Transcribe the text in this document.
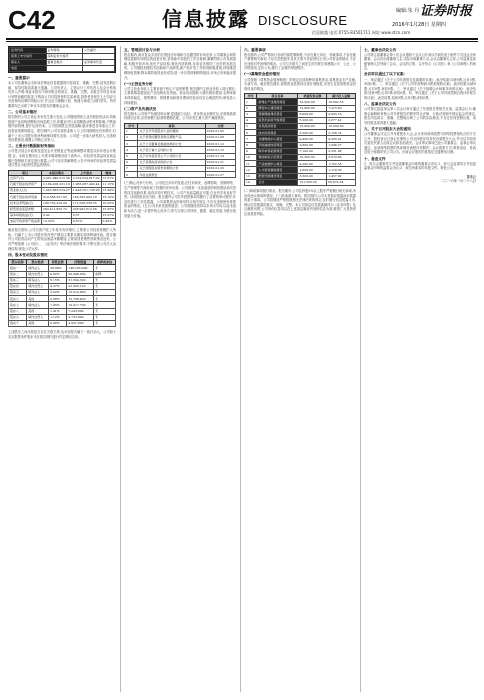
C42	信息披露 DISCLOSURE
编辑:朱 丹 证券时报
2016年1月28日 星期四
信息披露 电话:0755-83501711 网址:www.stcn.com
证券代码	证券简称	公告编号
股票上市交易所	深圳证券交易所	
联系人	董事会秘书	证券事务代表
电话		
一、重要提示

本公司及董事会全体成员保证信息披露的内容真实、准确、完整,没有虚假记载、误导性陈述或重大遗漏。公司负责人、主管会计工作负责人及会计机构负责人声明:保证本报告中财务报告的真实、准确、完整。本报告中涉及未来计划等前瞻性陈述,不构成公司对投资者的实质承诺,投资者及相关人士均应当对此保持足够的风险认识,并且应当理解计划、预测与承诺之间的差异。所有董事均已出席了审议本次报告的董事会会议。

二、公司基本情况

报告期内公司主营业务未发生重大变化,公司继续围绕主业开展经营活动,持续推进产品结构调整和市场拓展工作,积极应对行业周期波动带来的影响,不断加强内部管理,提升运营效率。公司按照既定发展战略,稳步推进各项重点工作,经营业绩保持稳定。报告期内,公司实现营业收入与上年同期相比有所增长,归属于上市公司股东的净利润保持增长态势。公司进一步加大研发投入,完善研发体系建设,增强公司核心竞争力。

三、主要会计数据和财务指标

公司是否因会计政策变更及会计差错更正等追溯调整或重述以前年度会计数据:否。本报告期末比上年度末增减情况如下表所示。非经常性损益项目和金额已按照相关规定进行披露,公司不存在将解释性公告中列举的非经常性损益项目界定为经常性损益的情形。

项目	本报告期末	上年度末	增减
总资产(元)	3,521,640,215.36	3,102,554,817.02	13.51%
归属于股东的净资产	2,184,206,331.18	1,965,087,402.44	11.15%
营业收入(元)	1,642,883,519.27	1,448,201,736.90	13.44%
归属于股东的净利润	214,558,207.63	186,305,992.18	15.16%
扣非后净利润(元)	198,732,416.09	171,026,538.55	16.20%
经营现金流量净额	263,411,850.72	228,947,613.08	15.05%
基本每股收益(元)	0.42	0.37	13.51%
加权平均净资产收益率	10.32%	9.87%	0.45%

截至报告期末,公司总资产较上年度末有所增长,主要系公司经营规模扩大所致。归属于上市公司股东的净资产增加主要系本期实现净利润所致。报告期内公司经营活动产生的现金流量净额增加,主要原因是销售回款情况良好。公司严格按照《公司法》、《证券法》等法律法规的要求,不断完善公司法人治理结构,规范公司运作。

四、股本变动及股东情况
股东名称	股东性质	持股比例	持股数量	质押或冻结
股东一	境内法人	28.46%	146,205,000	无
股东二	境内自然人	9.82%	50,448,000	质押
股东三	国有法人	6.15%	31,594,300	无
股东四	境内自然人	4.37%	22,450,120	无
股东五	境外法人	3.02%	15,514,800	无
股东六	其他	2.68%	13,768,400	无
股东七	境内法人	1.95%	10,017,700	无
股东八	其他	1.41%	7,243,600	无
股东九	境内自然人	1.12%	5,753,800	无
股东十	其他	0.96%	4,931,800	无

上述股东之间未知是否存在关联关系,也未知是否属于一致行动人。公司前十名无限售条件股东未在报告期内进行约定购回交易。

五、管理层讨论与分析

报告期内,面对复杂多变的宏观经济环境和日趋激烈的市场竞争,公司董事会和管理层按照年初制定的经营计划,坚持稳中求进的工作总基调,紧紧围绕公司发展战略,积极开拓市场,优化产品结构,强化内部管理,各项业务保持了良好的发展态势。公司继续加强技术创新和产品研发,新产品开发工作取得积极进展;持续推进精细化管理,降本增效取得良好成效;进一步完善营销网络建设,市场占有率稳步提升。

(一)主营业务分析

公司主营业务收入主要来源于核心产品的销售,报告期内主营业务收入同比增长,主要系销量增加及产品结构优化所致。营业成本随收入增长相应增加,毛利率基本保持稳定。销售费用、管理费用和财务费用的变动均在合理范围内,研发投入持续增加。

(二)资产及负债状况

报告期末,公司资产负债结构合理,偿债能力良好。货币资金余额充足,应收账款周转情况正常,存货规模与经营规模相匹配。公司未发生重大资产减值情况。

序号	事项	日期
1	关于召开年度股东大会的通知	2016-01-05
2	关于使用闲置资金购买理财产品	2016-01-08
3	关于公司董事会换届选举的公告	2016-01-12
4	关于签订重大合同的公告	2016-01-15
5	关于对外投资设立子公司的公告	2016-01-19
6	关于获得政府补助的公告	2016-01-21
7	关于控股股东股份质押的公告	2016-01-25
8	年度业绩预告	2016-01-27

(三)核心竞争力分析。公司经过多年的发展,在技术研发、品牌影响、营销网络、生产管理等方面形成了较强的竞争优势。公司拥有一支高素质的研发团队和完善的技术创新体系,取得多项专利技术。公司产品质量稳定可靠,在业内享有良好声誉。(四)投资状况分析。报告期内公司对外投资事项均履行了必要的审议程序,并及时进行了信息披露。公司募集资金的使用符合相关规定,不存在违规使用募集资金的情况。(五)公司未来发展的展望。公司将继续坚持以市场为导向,以技术创新为动力,进一步提升核心竞争力,努力实现公司持续、健康、稳定发展,为股东创造更大价值。

六、重要事项

报告期内,公司严格执行各项内部控制制度,不存在重大诉讼、仲裁事项,不存在破产重整相关事项,不存在控股股东及其关联方非经营性占用公司资金的情况,不存在违规对外担保的情况。公司与关联方之间发生的关联交易遵循公平、公正、公开的原则,定价公允,履行了必要的审批程序。

(一)募集资金使用情况

公司按照《募集资金管理制度》的规定存放和使用募集资金,募集资金专户存储,专款专用。截至报告期末,募集资金投资项目按计划推进,未发生变更募集资金投资项目的情况。

序号	项目名称	承诺投资总额	累计投入金额
1	新建生产线建设项目	32,500.00	18,642.35
2	研发中心建设项目	12,800.00	7,215.60
3	营销网络建设项目	8,600.00	4,933.18
4	信息化系统升级项目	5,200.00	2,877.42
5	补充流动资金	15,000.00	15,000.00
6	技术改造项目	6,300.00	3,108.74
7	仓储物流中心项目	9,400.00	4,265.91
8	节能减排改造项目	3,800.00	1,946.27
9	海外市场拓展项目	7,100.00	2,531.08
10	智能制造示范项目	10,500.00	3,874.66
11	产品检测中心项目	4,200.00	1,702.55
12	人才培训基地项目	2,600.00	1,118.30
13	配套设施建设项目	3,300.00	1,457.92
14	合计	121,300.00	68,674.34

(二)承诺事项履行情况。报告期内,公司及持股5%以上股东严格履行相关承诺,未出现违反承诺的情况。(三)其他重大事项。报告期内,公司无其他应披露而未披露的重大事项。公司将继续严格按照相关法律法规的规定,及时履行信息披露义务,保证信息披露的真实、准确、完整。本公司指定信息披露媒体为《证券时报》及巨潮资讯网,公司所有信息均以在上述指定媒体刊登的信息为准,敬请广大投资者注意投资风险。

七、董事会决议公告

公司第五届董事会第十次会议通知于会议召开前以书面及电子邮件方式送达全体董事。会议应出席董事九名,实际出席董事九名,会议由董事长主持,公司监事及高级管理人员列席了会议。会议的召集、召开符合《公司法》和《公司章程》的规定。

会议审议通过了以下议案:

一、审议通过《关于公司年度报告及摘要的议案》,表决结果:同意9票,反对0票,弃权0票。二、审议通过《关于公司年度利润分配预案的议案》,表决结果:同意9票,反对0票,弃权0票。三、审议通过《关于续聘会计师事务所的议案》,表决结果:同意9票,反对0票,弃权0票。四、审议通过《关于公司内部控制自我评价报告的议案》,表决结果:同意9票,反对0票,弃权0票。

八、监事会决议公告

公司第五届监事会第八次会议审议通过了年度报告等相关议案。监事会认为:董事会编制和审核公司年度报告的程序符合法律、行政法规和中国证监会的规定,报告内容真实、准确、完整地反映了公司的实际情况,不存在任何虚假记载、误导性陈述或者重大遗漏。

九、关于召开股东大会的通知

公司董事会决定召开年度股东大会,会议采用现场投票与网络投票相结合的方式召开。股权登记日登记在册的公司全体股东均有权出席股东大会,并可以书面形式委托代理人出席会议和参加表决。会议审议事项已经公司董事会、监事会审议通过。参加网络投票的具体操作流程详见附件。会议联系方式:联系电话、传真及电子邮箱详见公司公告。出席会议股东的食宿及交通费用自理。

十、备查文件

1、经与会董事签字并加盖董事会印章的董事会决议;2、经与会监事签字并加盖监事会印章的监事会决议;3、深交所要求的其他文件。特此公告。

董事会
二〇一六年一月二十八日
